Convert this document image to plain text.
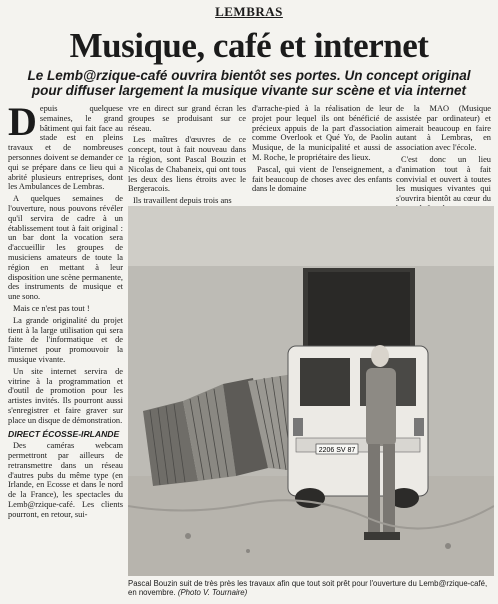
LEMBRAS
Musique, café et internet
Le Lemb@rzique-café ouvrira bientôt ses portes. Un concept original pour diffuser largement la musique vivante sur scène et via internet

Depuis quelquese semaines, le grand bâtiment qui fait face au stade est en pleins travaux et de nombreuses personnes doivent se demander ce qui se prépare dans ce lieu qui a abrité plusieurs entreprises, dont les Ambulances de Lembras.

A quelques semaines de l'ouverture, nous pouvons révéler qu'il servira de cadre à un établissement tout à fait original : un bar dont la vocation sera d'accueillir les groupes de musiciens amateurs de toute la région en mettant à leur disposition une scène permanente, des instruments de musique et une sono.

Mais ce n'est pas tout !

La grande originalité du projet tient à la large utilisation qui sera faite de l'informatique et de l'internet pour promouvoir la musique vivante.

Un site internet servira de vitrine à la programmation et d'outil de promotion pour les artistes invités. Ils pourront aussi s'enregistrer et faire graver sur place un disque de démonstration.

DIRECT ÉCOSSE-IRLANDE

Des caméras webcam permettront par ailleurs de retransmettre dans un réseau d'autres pubs du même type (en Irlande, en Ecosse et dans le nord de la France), les spectacles du Lemb@rzique-café. Les clients pourront, en retour, sui-

vre en direct sur grand écran les groupes se produisant sur ce réseau.

Les maîtres d'œuvres de ce concept, tout à fait nouveau dans la région, sont Pascal Bouzin et Nicolas de Chabaneix, qui ont tous les deux des liens étroits avec le Bergeracois.

Ils travaillent depuis trois ans

d'arrache-pied à la réalisation de leur projet pour lequel ils ont bénéficié de précieux appuis de la part d'association comme Overlook et Qué Yo, de Paolin Musique, de la municipalité et aussi de M. Roche, le propriétaire des lieux.

Pascal, qui vient de l'enseignement, a fait beaucoup de choses avec des enfants dans le domaine

de la MAO (Musique assistée par ordinateur) et aimerait beaucoup en faire autant à Lembras, en association avec l'école.

C'est donc un lieu d'animation tout à fait convivial et ouvert à toutes les musiques vivantes qui s'ouvrira bientôt au cœur du

2206 SV 87
Pascal Bouzin suit de très près les travaux afin que tout soit prêt pour l'ouverture du Lemb@rzique-café, en novembre. (Photo V. Tournaire)
